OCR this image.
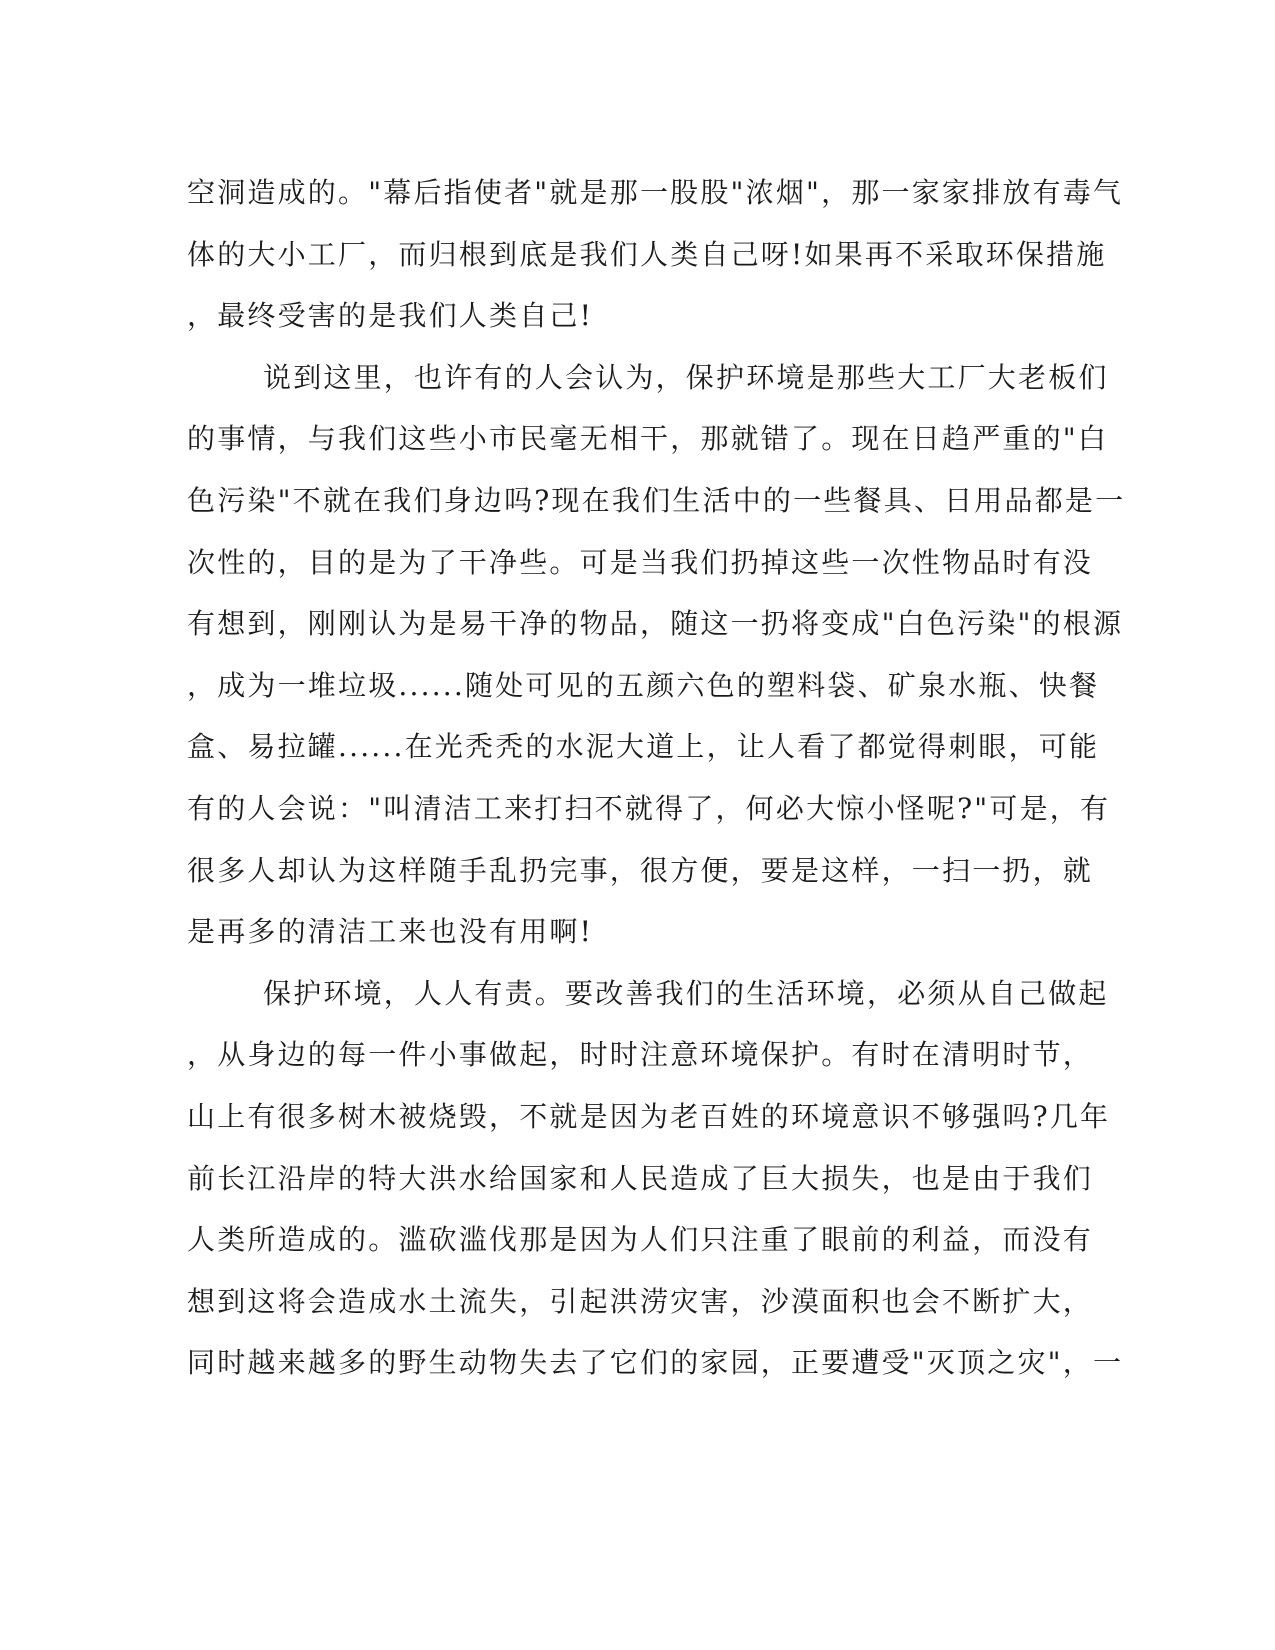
空洞造成的。"幕后指使者"就是那一股股"浓烟"，那一家家排放有毒气
体的大小工厂，而归根到底是我们人类自己呀!如果再不采取环保措施
，最终受害的是我们人类自己!
说到这里，也许有的人会认为，保护环境是那些大工厂大老板们
的事情，与我们这些小市民毫无相干，那就错了。现在日趋严重的"白
色污染"不就在我们身边吗?现在我们生活中的一些餐具、日用品都是一
次性的，目的是为了干净些。可是当我们扔掉这些一次性物品时有没
有想到，刚刚认为是易干净的物品，随这一扔将变成"白色污染"的根源
，成为一堆垃圾......随处可见的五颜六色的塑料袋、矿泉水瓶、快餐
盒、易拉罐......在光秃秃的水泥大道上，让人看了都觉得刺眼，可能
有的人会说："叫清洁工来打扫不就得了，何必大惊小怪呢?"可是，有
很多人却认为这样随手乱扔完事，很方便，要是这样，一扫一扔，就
是再多的清洁工来也没有用啊!
保护环境，人人有责。要改善我们的生活环境，必须从自己做起
，从身边的每一件小事做起，时时注意环境保护。有时在清明时节，
山上有很多树木被烧毁，不就是因为老百姓的环境意识不够强吗?几年
前长江沿岸的特大洪水给国家和人民造成了巨大损失，也是由于我们
人类所造成的。滥砍滥伐那是因为人们只注重了眼前的利益，而没有
想到这将会造成水土流失，引起洪涝灾害，沙漠面积也会不断扩大，
同时越来越多的野生动物失去了它们的家园，正要遭受"灭顶之灾"，一
